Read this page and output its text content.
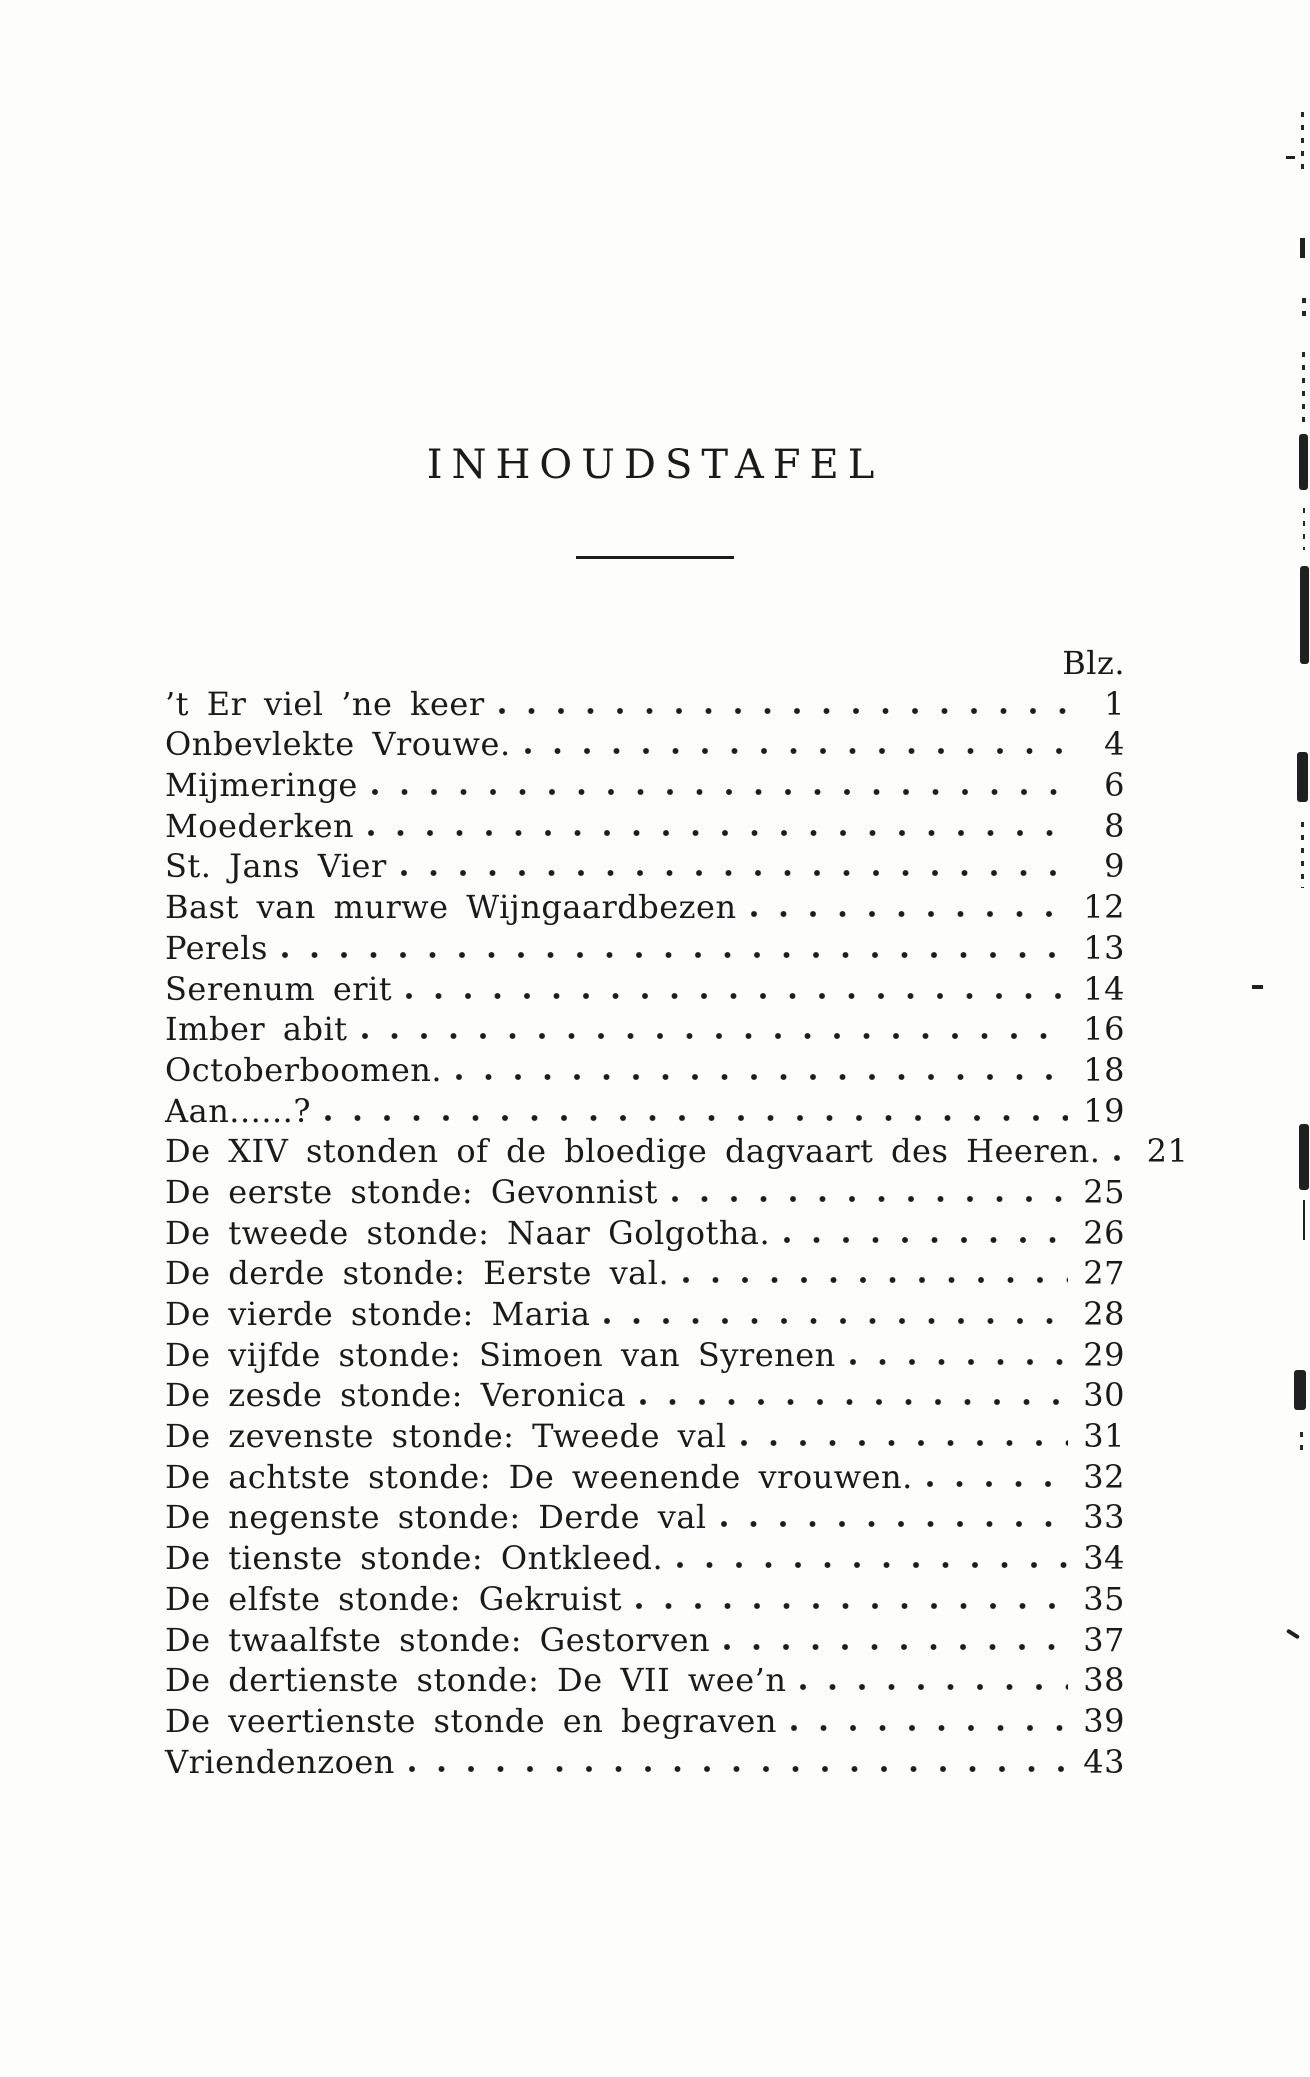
INHOUDSTAFEL
Blz.
’t Er viel ’ne keer	1
Onbevlekte Vrouwe.	4
Mijmeringe	6
Moederken	8
St. Jans Vier	9
Bast van murwe Wijngaardbezen	12
Perels	13
Serenum erit	14
Imber abit	16
Octoberboomen.	18
Aan......?	19
De XIV stonden of de bloedige dagvaart des Heeren. 21
De eerste stonde: Gevonnist	25
De tweede stonde: Naar Golgotha.	26
De derde stonde: Eerste val.	27
De vierde stonde: Maria	28
De vijfde stonde: Simoen van Syrenen	29
De zesde stonde: Veronica	30
De zevenste stonde: Tweede val	31
De achtste stonde: De weenende vrouwen.	32
De negenste stonde: Derde val	33
De tienste stonde: Ontkleed.	34
De elfste stonde: Gekruist	35
De twaalfste stonde: Gestorven	37
De dertienste stonde: De VII wee’n	38
De veertienste stonde en begraven	39
Vriendenzoen	43
